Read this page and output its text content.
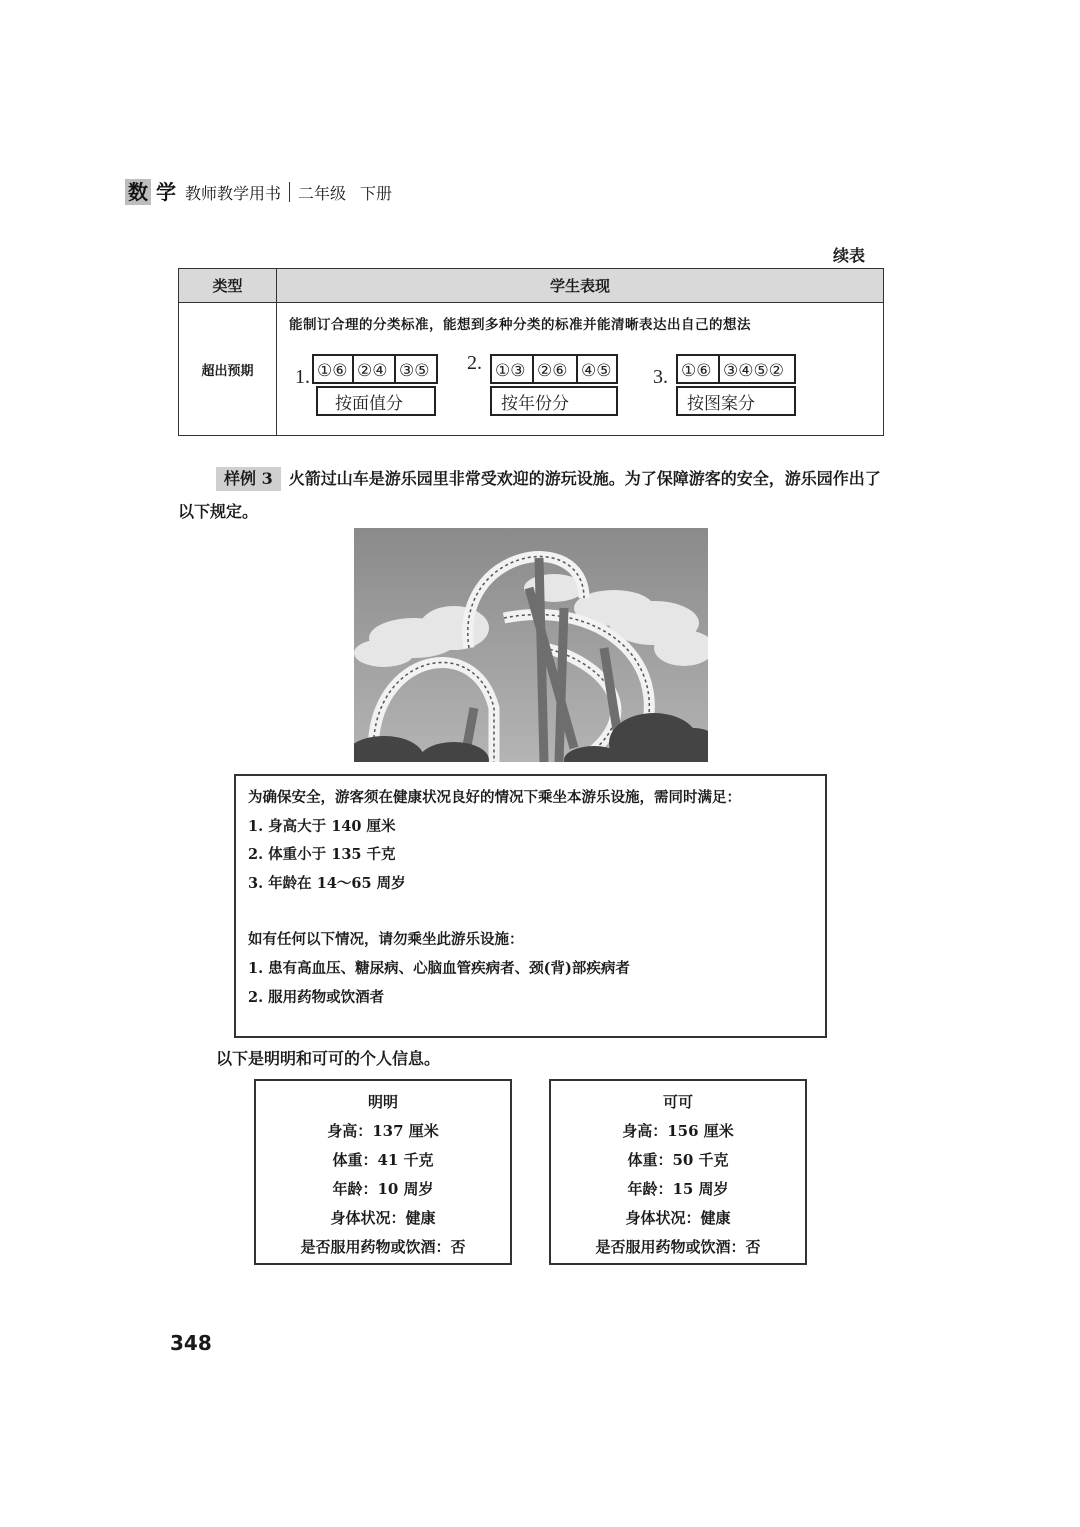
数 学 教师教学用书 二年级 下册
续表
类型	学生表现
超出预期
能制订合理的分类标准，能想到多种分类的标准并能清晰表达出自己的想法
1. ①⑥ ②④ ③⑤
按面值分
2. ①③ ②⑥ ④⑤
按年份分
3. ①⑥ ③④⑤②
按图案分
样例 3 火箭过山车是游乐园里非常受欢迎的游玩设施。为了保障游客的安全，游乐园作出了以下规定。
为确保安全，游客须在健康状况良好的情况下乘坐本游乐设施，需同时满足：
1. 身高大于 140 厘米
2. 体重小于 135 千克
3. 年龄在 14～65 周岁
如有任何以下情况，请勿乘坐此游乐设施：
1. 患有高血压、糖尿病、心脑血管疾病者、颈(背)部疾病者
2. 服用药物或饮酒者
以下是明明和可可的个人信息。
明明
身高：137 厘米
体重：41 千克
年龄：10 周岁
身体状况：健康
是否服用药物或饮酒：否
可可
身高：156 厘米
体重：50 千克
年龄：15 周岁
身体状况：健康
是否服用药物或饮酒：否
348
